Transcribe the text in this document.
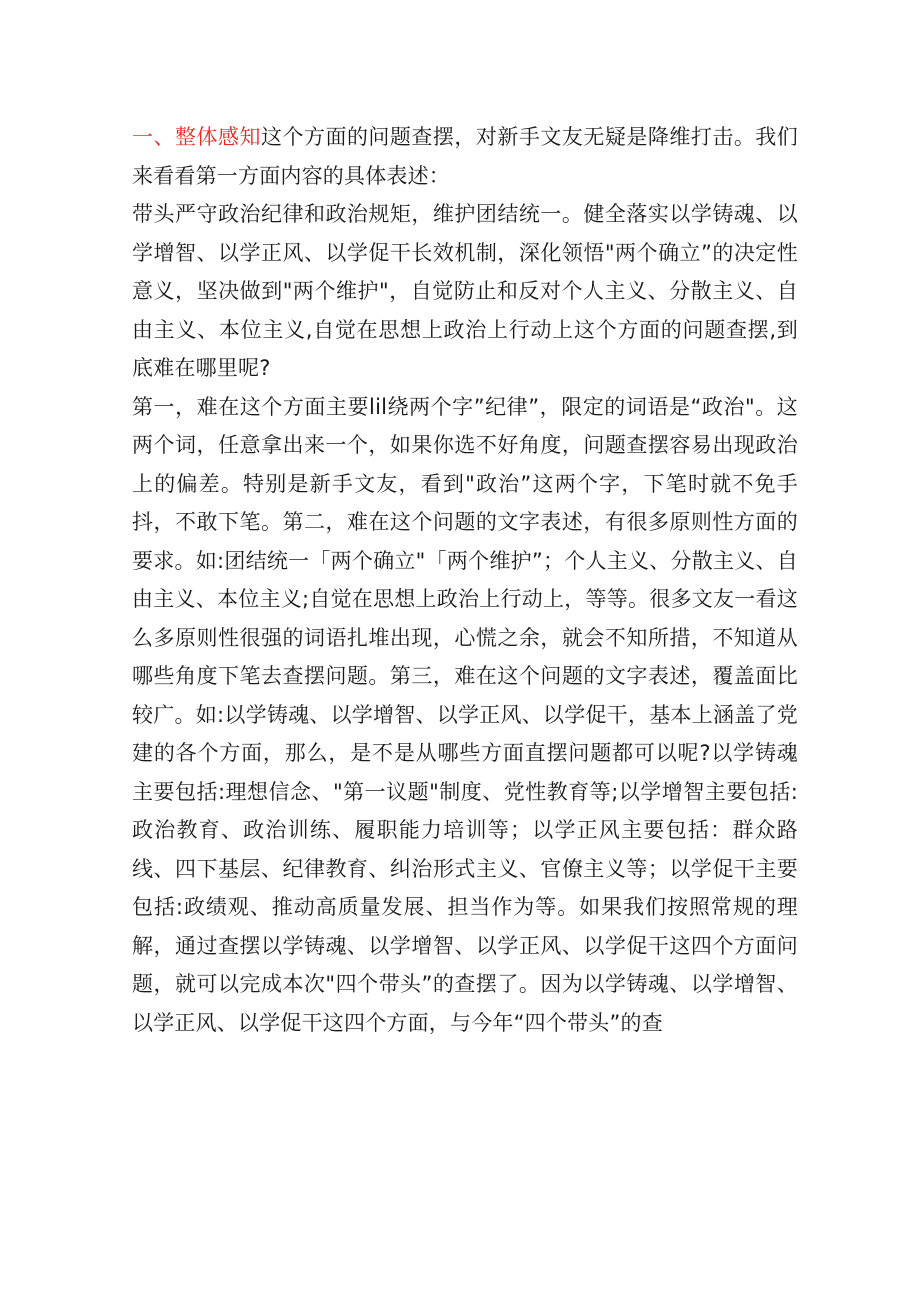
一、整体感知这个方面的问题查摆，对新手文友无疑是降维打击。我们来看看第一方面内容的具体表述：

带头严守政治纪律和政治规矩，维护团结统一。健全落实以学铸魂、以学增智、以学正风、以学促干长效机制，深化领悟"两个确立”的决定性意义，坚决做到"两个维护"，自觉防止和反对个人主义、分散主义、自由主义、本位主义,自觉在思想上政治上行动上这个方面的问题查摆,到底难在哪里呢?

第一，难在这个方面主要lil绕两个字”纪律”，限定的词语是“政治"。这两个词，任意拿出来一个，如果你选不好角度，问题查摆容易出现政治上的偏差。特别是新手文友，看到"政治”这两个字，下笔时就不免手抖，不敢下笔。第二，难在这个问题的文字表述，有很多原则性方面的要求。如:团结统一「两个确立"「两个维护”；个人主义、分散主义、自由主义、本位主义;自觉在思想上政治上行动上，等等。很多文友一看这么多原则性很强的词语扎堆出现，心慌之余，就会不知所措，不知道从哪些角度下笔去查摆问题。第三，难在这个问题的文字表述，覆盖面比较广。如:以学铸魂、以学增智、以学正风、以学促干，基本上涵盖了党建的各个方面，那么，是不是从哪些方面直摆问题都可以呢?以学铸魂主要包括:理想信念、"第一议题"制度、党性教育等;以学增智主要包括:政治教育、政治训练、履职能力培训等；以学正风主要包括：群众路线、四下基层、纪律教育、纠治形式主义、官僚主义等；以学促干主要包括:政绩观、推动高质量发展、担当作为等。如果我们按照常规的理解，通过查摆以学铸魂、以学增智、以学正风、以学促干这四个方面问题，就可以完成本次"四个带头”的查摆了。因为以学铸魂、以学增智、以学正风、以学促干这四个方面，与今年“四个带头”的查
